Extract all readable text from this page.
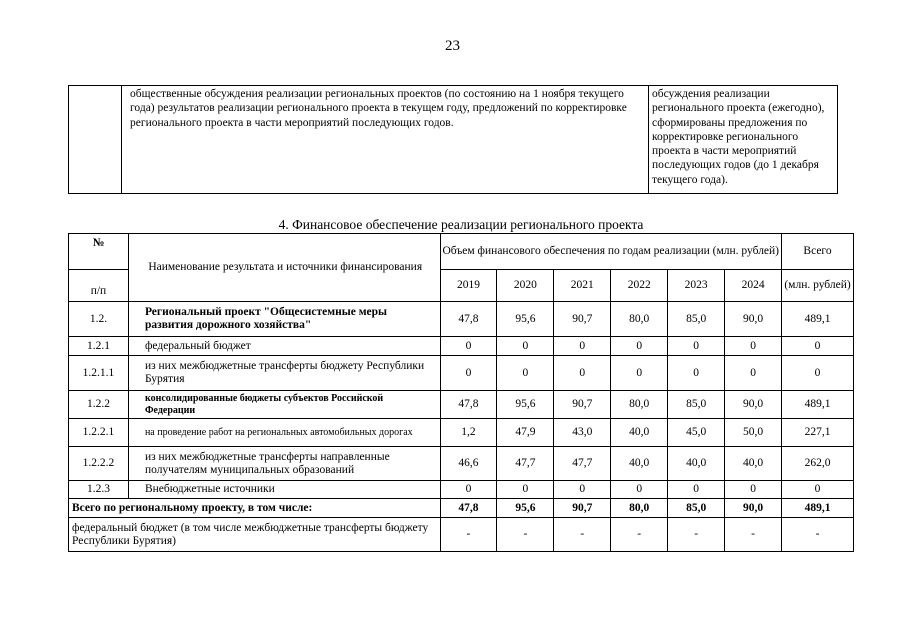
23
	общественные обсуждения реализации региональных проектов (по состоянию на 1 ноября текущего года) результатов реализации регионального проекта в текущем году, предложений по корректировке регионального проекта в части мероприятий последующих годов.	обсуждения реализации регионального проекта (ежегодно), сформированы предложения по корректировке регионального проекта в части мероприятий последующих годов (до 1 декабря текущего года).
4. Финансовое обеспечение реализации регионального проекта
№	Наименование результата и источники финансирования	Объем финансового обеспечения по годам реализации (млн. рублей)						Всего
п/п		2019	2020	2021	2022	2023	2024	(млн. рублей)
1.2.	Региональный проект "Общесистемные меры развития дорожного хозяйства"	47,8	95,6	90,7	80,0	85,0	90,0	489,1
1.2.1	федеральный бюджет	0	0	0	0	0	0	0
1.2.1.1	из них межбюджетные трансферты бюджету Республики Бурятия	0	0	0	0	0	0	0
1.2.2	консолидированные бюджеты субъектов Российской Федерации	47,8	95,6	90,7	80,0	85,0	90,0	489,1
1.2.2.1	на проведение работ на региональных автомобильных дорогах	1,2	47,9	43,0	40,0	45,0	50,0	227,1
1.2.2.2	из них межбюджетные трансферты направленные получателям муниципальных образований	46,6	47,7	47,7	40,0	40,0	40,0	262,0
1.2.3	Внебюджетные источники	0	0	0	0	0	0	0
Всего по региональному проекту, в том числе:		47,8	95,6	90,7	80,0	85,0	90,0	489,1
федеральный бюджет (в том числе межбюджетные трансферты бюджету Республики Бурятия)		-	-	-	-	-	-	-
